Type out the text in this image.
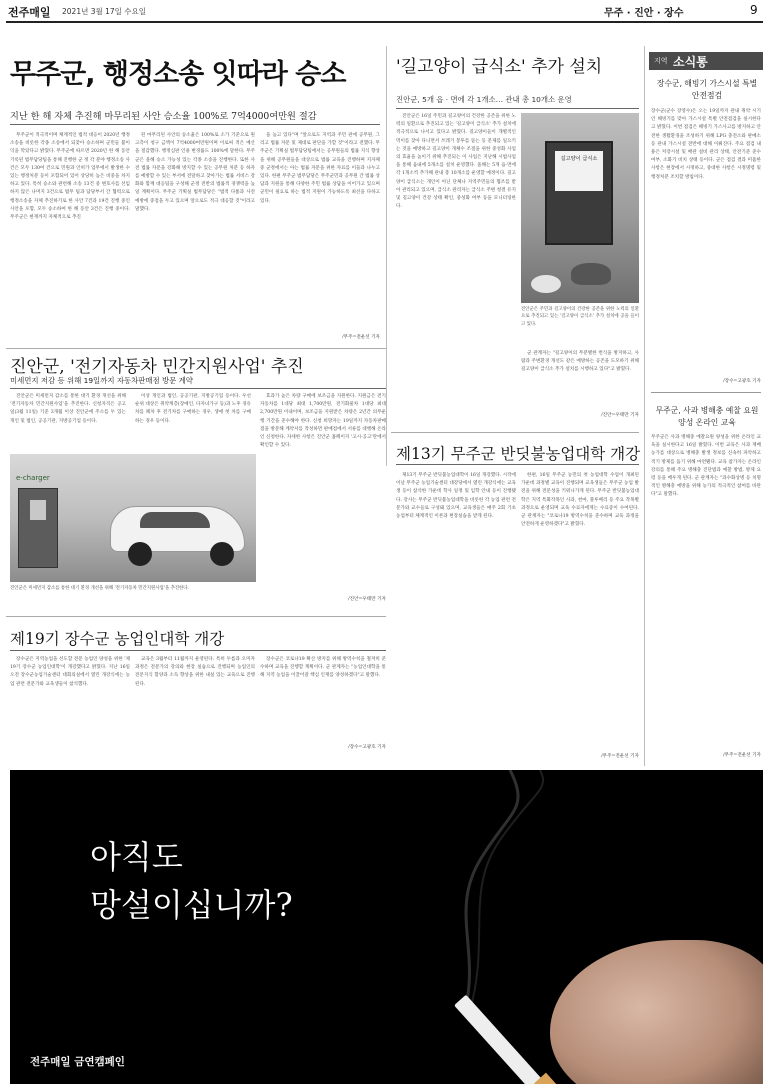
전주매일 2021년 3월 17일 수요일	무주 · 진안 · 장수	9
무주군, 행정소송 잇따라 승소
지난 한 해 자체 추진해 마무리된 사안 승소율 100%로 7억4000여만원 절감

무주군이 적극적이며 체계적인 법적 대응이 2020년 행정소송을 비롯한 각종 소송에서 되찾아 승소하며 군민들 불이익을 막았다고 밝혔다. 무주군에 따르면 2020년 한 해 동안 기록된 법무담당팀을 통해 진행한 군 정 각 분야 행정소송 사건은 모두 130여 건으로 민원과 인허가 업무에서 발생한 수 있는 행정처분 등이 포함되어 있어 상당히 높은 비중을 차지하고 있다. 특히 승소와 관련해 소송 13건 중 변호사를 선임하지 않은 나머지 3건으로 법무 팀과 담당부서 간 협력으로 행정소송을 자체 추진하기로 한 사안 7건과 19건 진행 중인 사안을 포함, 모두 승소하여 한 해 동안 3건은 진행 중이다. 무주군은 현재까지 자체적으로 추진

된 마무리된 사안의 승소율은 100%로 소가 기준으로 원고측이 청구 금액이 7억4000여만원이며 이로써 적은 예산을 절감했다. 행정심판 인용 변경률도 100%에 달한다. 무주군은 올해 승소 가능성 있는 각종 소송을 진행한다. 또한 사전 법률 자문을 강화해 방지할 수 있는 공무원 처분 등 하자를 예방할 수 있는 부서에 전달하고 찾아가는 법률 서비스 강화와 함께 대응팀을 구성해 군정 전반의 법률적 경쟁력을 높일 계획이다. 무주군 기획실 법무담당은 "법적 다툼과 사전 예방에 중점을 두고 있으며 앞으로도 적극 대응할 것"이라고 말했다.

을 높고 있다"며 "앞으로도 지역과 주민 관에 공무원, 그리고 법률 자문 및 제대로 판단을 가할 것"이라고 전했다. 무주군은 기획실 법무담당팀에서는 공무원들의 법률 지식 향상을 위해 공무원들을 대상으로 법률 교육을 진행하며 지자체 중 군정에서는 아는 법률 자문을 위한 자료를 이들과 나누고 있다. 한편 무주군 법무담당은 무주군민과 공무원 간 법률 상담과 지원을 통해 다양한 주민 법률 상담을 이어가고 있으며 군민이 필요로 하는 법적 지원이 가능하도록 최선을 다하고 있다.

/무주=전운선 기자
'길고양이 급식소' 추가 설치
진안군, 5개 읍 · 면에 각 1개소… 관내 총 10개소 운영

진안군은 16일 주민과 길고양이의 건강한 공존을 위한 노력의 일환으로 추진되고 있는 '길고양이 급식소' 추가 설치에 적극적으로 나서고 있다고 밝혔다. 길고양이들이 개별적인 먹이를 찾아 다니면서 쓰레기 봉투를 뜯는 등 문제를 일으키는 것을 예방하고 길고양이 개체수 조절을 위한 중성화 사업의 효율을 높이기 위해 추진되는 이 사업은 지난해 시범사업을 통해 읍내에 5개소를 설치 운영했다. 올해는 5개 읍·면에 각 1개소씩 추가해 관내 총 10개소를 운영할 예정이다. 길고양이 급식소는 개인이 아닌 단체나 지역주민들의 협조를 받아 관리되고 있으며, 급식소 관리자는 급식소 주변 청결 유지 및 길고양이 건강 상태 확인, 중성화 여부 등을 모니터링한다.

길고양이 급식소
진안군은 주민과 길고양이의 건강한 공존을 위한 노력의 일환으로 추진되고 있는 '길고양이 급식소' 추가 설치에 공을 들이고 있다.

군 관계자는 "길고양이의 무분별한 번식을 방지하고, 사람과 주변환경 개선도 같은 예방하는 공존을 도모하기 위해 길고양이 급식소 추가 설치를 시행하고 있다"고 밝혔다.

/진안=우태만 기자
지역 소식통
장수군, 해빙기 가스시설 특별 안전점검
장수군(군수 장영수)은 오는 19일까지 관내 취약 시기인 해빙기를 맞아 가스시설 특별 안전점검을 실시한다고 밝혔다. 이번 점검은 해빙기 가스사고를 방지하고 안전한 생활환경을 조성하기 위해 LPG 충전소와 판매소 등 관내 가스시설 전반에 대해 이뤄진다. 주요 점검 내용은 저장시설 및 배관 설비 관리 상태, 안전기준 준수 여부, 소화기 비치 상태 등이다. 군은 점검 결과 미흡한 사항은 현장에서 시정하고, 중대한 사항은 시정명령 및 행정처분 조치할 방침이다.
/장수=고광호 기자
무주군, 사과 병해충 예찰 요원 양성 온라인 교육
무주군은 사과 병해충 예찰요원 양성을 위한 온라인 교육을 실시한다고 16일 밝혔다. 이번 교육은 사과 재배 농가를 대상으로 병해충 발생 정보를 신속히 파악하고 적기 방제를 돕기 위해 마련됐다. 교육 참가자는 온라인 강의를 통해 주요 병해충 진단법과 예찰 방법, 방제 요령 등을 배우게 된다. 군 관계자는 "과수화상병 등 치명적인 병해충 예방을 위해 농가의 적극적인 참여를 바란다"고 말했다.
/무주=전운선 기자
진안군, '전기자동차 민간지원사업' 추진
미세먼지 저감 등 위해 19일까지 자동차판매점 방문 계약

진안군은 미세먼지 감소를 통한 대기 환경 개선을 위해 '전기자동차 민간지원사업'을 추진한다. 신청자격은 공고일(3월 11일) 기준 3개월 이상 진안군에 주소를 두 있는 개인 및 법인, 공공기관, 지방공기업 등이다.

이상 개인과 법인, 공공기관, 지방공기업 등이다. 우선순위 대상은 취약계층(장애인, 다자녀가구 등)과 노후 경유차를 폐차 후 전기차를 구매하는 경우, 생애 첫 차를 구매하는 경우 등이다.

효과가 높은 차량 구매에 보조금을 지원한다. 지원금은 전기자동차를 1대당 최대 1,700만원, 전기화물차 1대당 최대 2,700만원 이내이며, 보조금을 지원받은 차량은 2년간 의무운행 기간을 준수해야 한다. 신청 희망자는 19일까지 자동차판매점을 방문해 계약서를 작성하면 판매점에서 서류를 대행해 온라인 신청한다. 자세한 사항은 진안군 홈페이지 '고시·공고'란에서 확인할 수 있다.

/진안=우태만 기자
e-charger
진안군은 미세먼지 감소를 통한 대기 환경 개선을 위해 '전기자동차 민간지원사업'을 추진한다.
제13기 무주군 반딧불농업대학 개강

제13기 무주군 반딧불농업대학이 16일 개강했다. 시작에 이날 무주군 농업기술센터 대강당에서 열린 개강식에는 교육생 등이 참석한 가운데 학사 일정 및 입학 안내 등이 진행됐다. 강사는 무주군 반딧불농업대학을 비롯한 각 농업 관련 전문가와 교수들로 구성돼 있으며, 교육생들은 매주 2회 기초 농업부터 체계적인 이론과 현장실습을 받게 된다.

한편, 16일 무주군 농민의 첫 농업대학 수업이 개최된 가운데 과정별 교육이 진행되며 교육생들은 무주군 농업 발전을 위해 전문성을 키워나가게 된다. 무주군 반딧불농업대학은 지역 특화작목인 사과, 천마, 블루베리 등 주요 작목별 과정으로 운영되며 교육 수료자에게는 수료증이 수여된다. 군 관계자는 "코로나19 방역수칙을 준수하며 교육 과정을 안전하게 운영하겠다"고 밝혔다.

/무주=전운선 기자
제19기 장수군 농업인대학 개강

장수군은 지역농업을 선도할 전문 농업인 양성을 위한 '제19기 장수군 농업인대학'이 개강했다고 밝혔다. 지난 16일 오전 장수군농업기술센터 대회의실에서 열린 개강식에는 농업 관련 전문가와 교육생들이 참석했다.

교육은 3월부터 11월까지 운영된다. 특히 두릅과 오미자 과정은 전문가의 강의와 현장 실습으로 진행되며 농업인의 전문지식 함양과 소득 향상을 위한 내실 있는 교육으로 진행된다.

장수군은 코로나19 확산 방지를 위해 방역수칙을 철저히 준수하며 교육을 진행할 계획이다. 군 관계자는 "농업인대학을 통해 지역 농업을 이끌어갈 핵심 인재를 양성하겠다"고 말했다.

/장수=고광호 기자
아직도
망설이십니까?
전주매일 금연캠페인
